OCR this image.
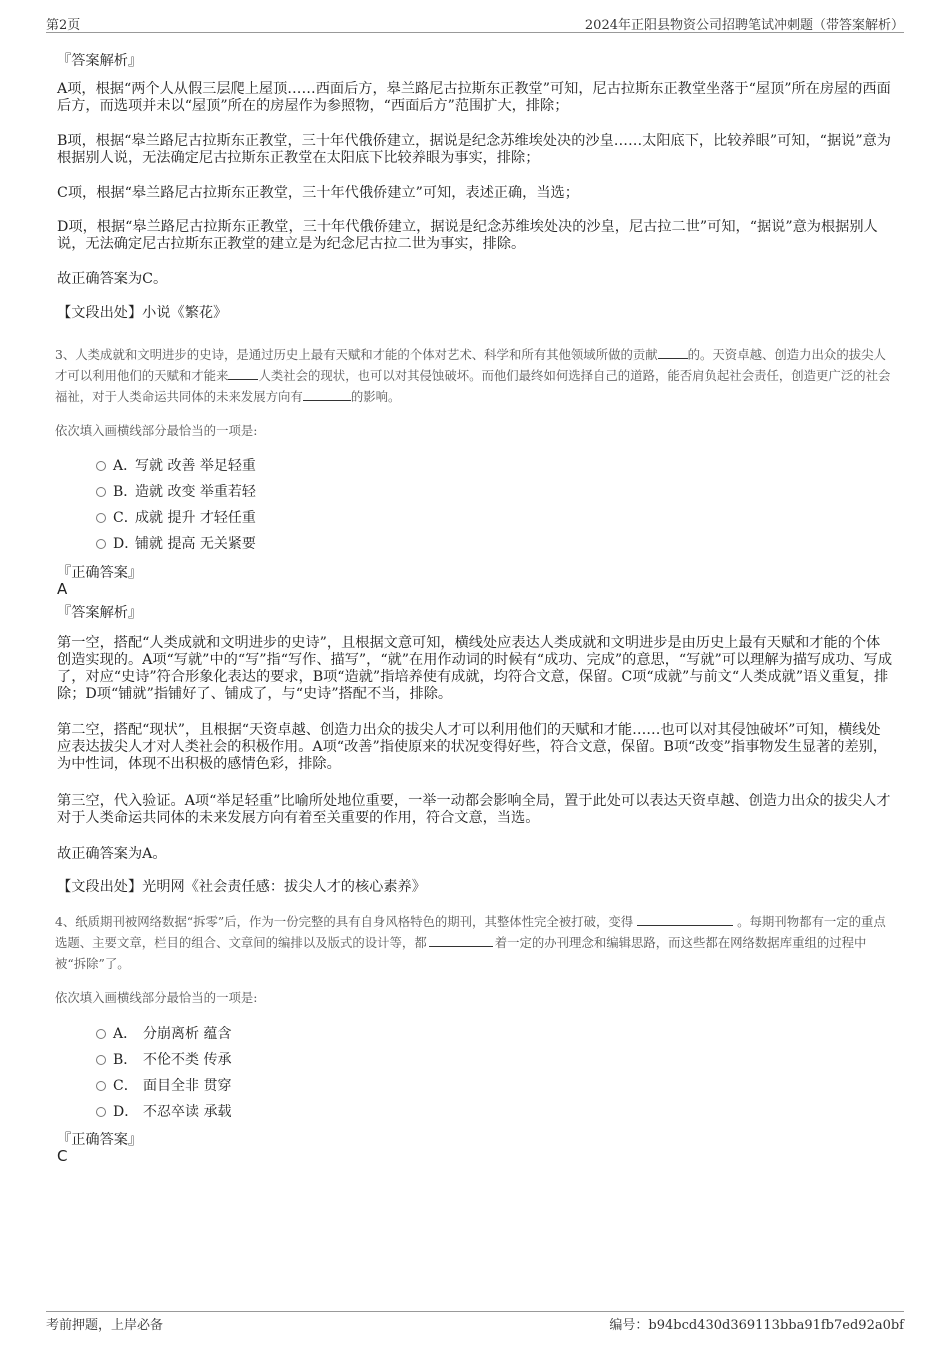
第2页	2024年正阳县物资公司招聘笔试冲刺题（带答案解析）
『答案解析』

A项，根据“两个人从假三层爬上屋顶……西面后方，皋兰路尼古拉斯东正教堂”可知，尼古拉斯东正教堂坐落于“屋顶”所在房屋的西面后方，而选项并未以“屋顶”所在的房屋作为参照物，“西面后方”范围扩大，排除；

B项，根据“皋兰路尼古拉斯东正教堂，三十年代俄侨建立，据说是纪念苏维埃处决的沙皇……太阳底下，比较养眼”可知，“据说”意为根据别人说，无法确定尼古拉斯东正教堂在太阳底下比较养眼为事实，排除；

C项，根据“皋兰路尼古拉斯东正教堂，三十年代俄侨建立”可知，表述正确，当选；

D项，根据“皋兰路尼古拉斯东正教堂，三十年代俄侨建立，据说是纪念苏维埃处决的沙皇，尼古拉二世”可知，“据说”意为根据别人说，无法确定尼古拉斯东正教堂的建立是为纪念尼古拉二世为事实，排除。

故正确答案为C。

【文段出处】小说《繁花》

3、人类成就和文明进步的史诗，是通过历史上最有天赋和才能的个体对艺术、科学和所有其他领域所做的贡献 的。天资卓越、创造力出众的拔尖人才可以利用他们的天赋和才能来 人类社会的现状，也可以对其侵蚀破坏。而他们最终如何选择自己的道路，能否肩负起社会责任，创造更广泛的社会福祉，对于人类命运共同体的未来发展方向有	的影响。

依次填入画横线部分最恰当的一项是:
A．写就 改善 举足轻重
B．造就 改变 举重若轻
C．成就 提升 才轻任重
D．铺就 提高 无关紧要
『正确答案』
A
『答案解析』

第一空，搭配“人类成就和文明进步的史诗”，且根据文意可知，横线处应表达人类成就和文明进步是由历史上最有天赋和才能的个体创造实现的。A项“写就”中的“写”指“写作、描写”，“就”在用作动词的时候有“成功、完成”的意思，“写就”可以理解为描写成功、写成了，对应“史诗”符合形象化表达的要求，B项“造就”指培养使有成就，均符合文意，保留。C项“成就”与前文“人类成就”语义重复，排除；D项“铺就”指铺好了、铺成了，与“史诗”搭配不当，排除。

第二空，搭配“现状”，且根据“天资卓越、创造力出众的拔尖人才可以利用他们的天赋和才能……也可以对其侵蚀破坏”可知，横线处应表达拔尖人才对人类社会的积极作用。A项“改善”指使原来的状况变得好些，符合文意，保留。B项“改变”指事物发生显著的差别，为中性词，体现不出积极的感情色彩，排除。

第三空，代入验证。A项“举足轻重”比喻所处地位重要，一举一动都会影响全局，置于此处可以表达天资卓越、创造力出众的拔尖人才对于人类命运共同体的未来发展方向有着至关重要的作用，符合文意，当选。

故正确答案为A。

【文段出处】光明网《社会责任感：拔尖人才的核心素养》

4、纸质期刊被网络数据“拆零”后，作为一份完整的具有自身风格特色的期刊，其整体性完全被打破，变得	。每期刊物都有一定的重点选题、主要文章，栏目的组合、文章间的编排以及版式的设计等，都	着一定的办刊理念和编辑思路，而这些都在网络数据库重组的过程中被“拆除”了。

依次填入画横线部分最恰当的一项是:
A． 分崩离析 蕴含
B． 不伦不类 传承
C． 面目全非 贯穿
D． 不忍卒读 承载
『正确答案』
C
考前押题，上岸必备	编号：b94bcd430d369113bba91fb7ed92a0bf
